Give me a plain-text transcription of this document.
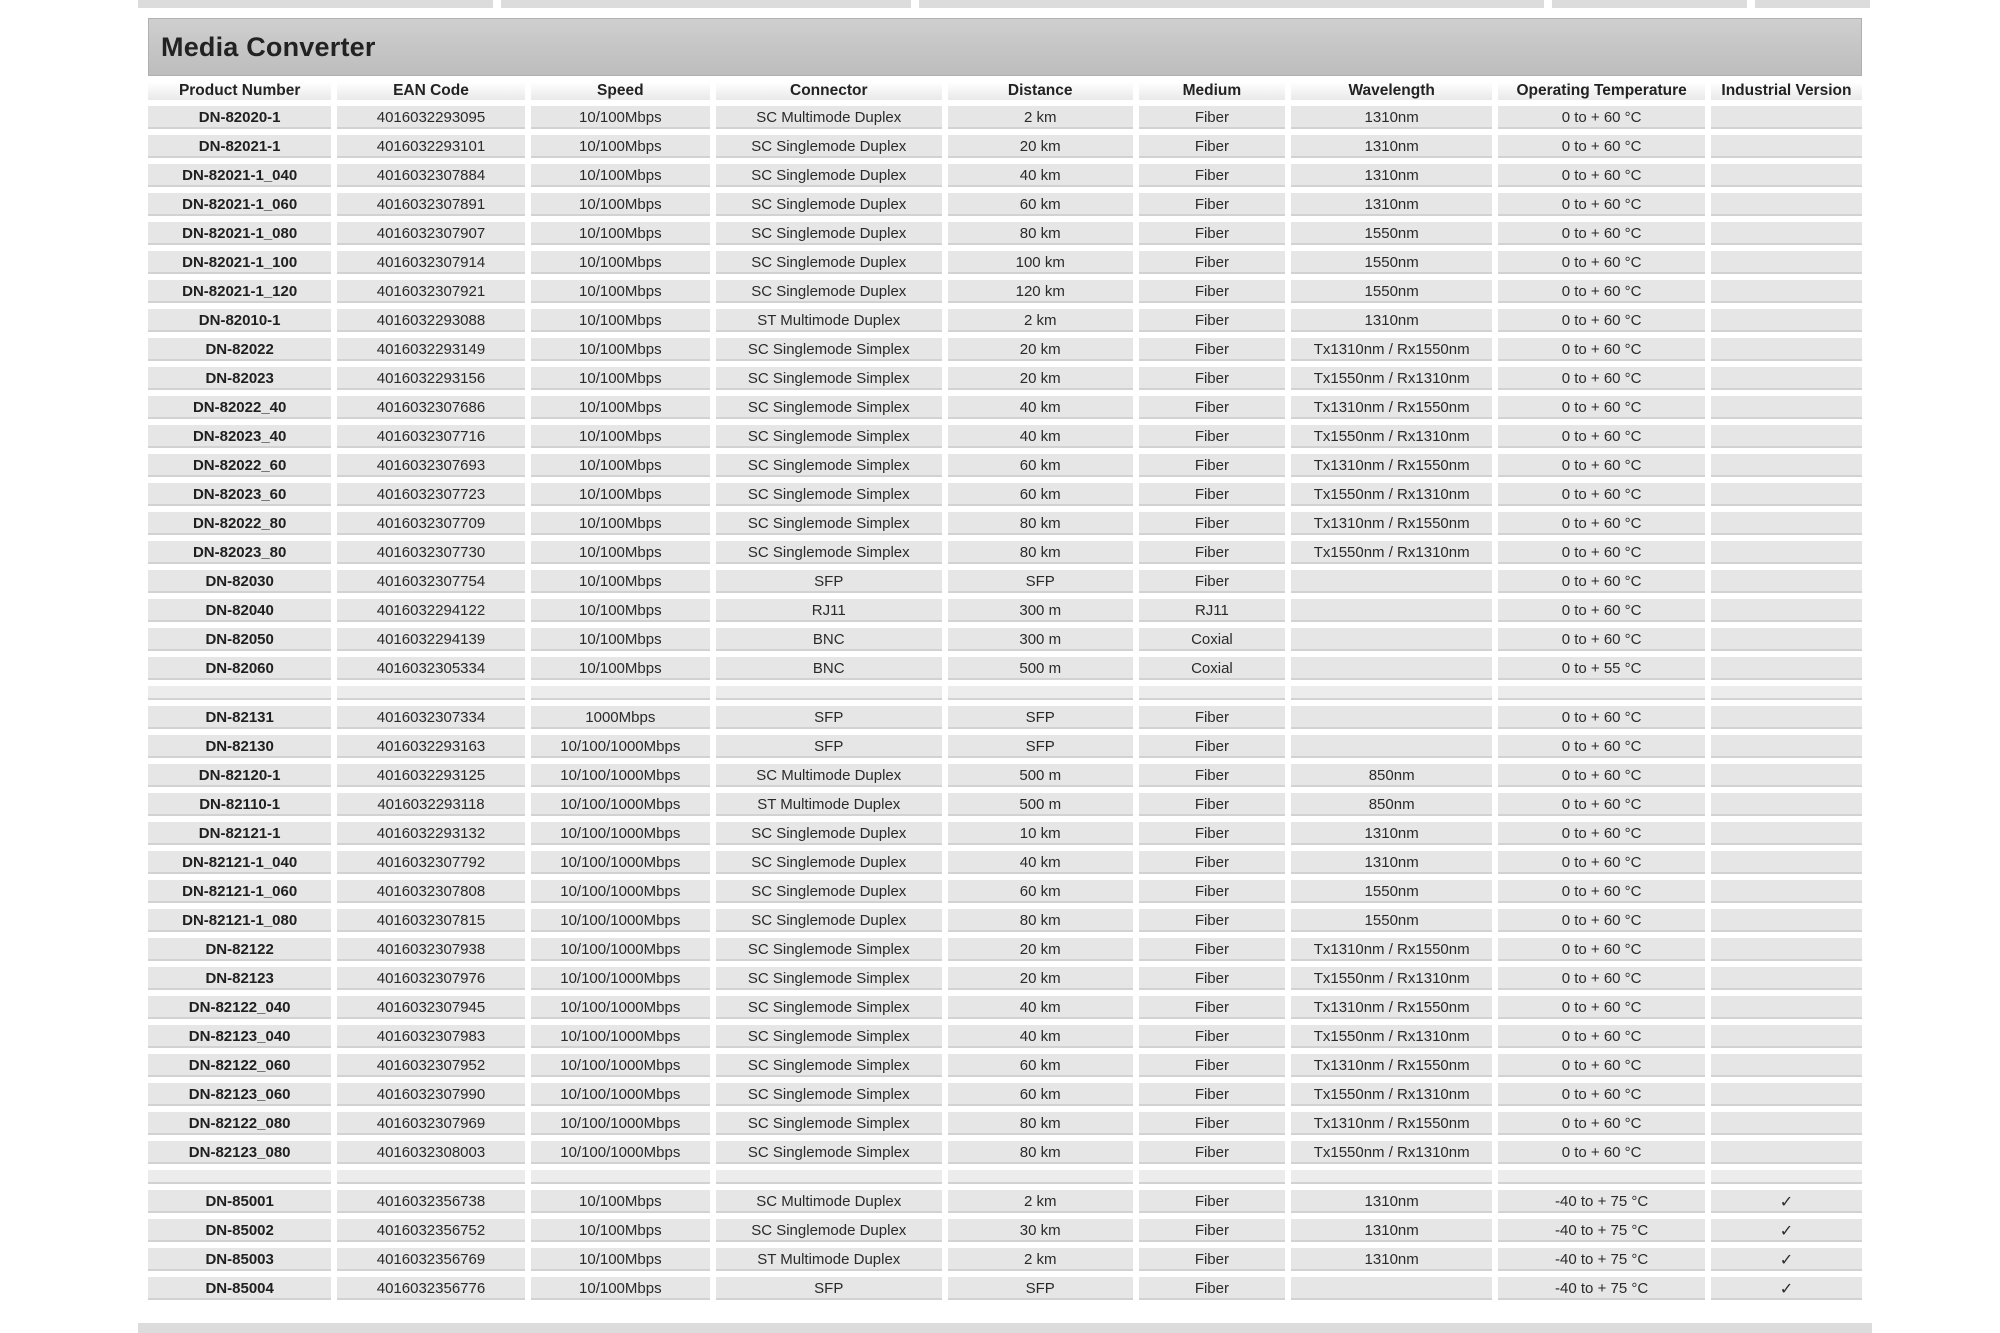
Media Converter
Product Number	EAN Code	Speed	Connector	Distance	Medium	Wavelength	Operating Temperature	Industrial Version
DN-82020-1	4016032293095	10/100Mbps	SC Multimode Duplex	2 km	Fiber	1310nm	0 to + 60 °C	
DN-82021-1	4016032293101	10/100Mbps	SC Singlemode Duplex	20 km	Fiber	1310nm	0 to + 60 °C	
DN-82021-1_040	4016032307884	10/100Mbps	SC Singlemode Duplex	40 km	Fiber	1310nm	0 to + 60 °C	
DN-82021-1_060	4016032307891	10/100Mbps	SC Singlemode Duplex	60 km	Fiber	1310nm	0 to + 60 °C	
DN-82021-1_080	4016032307907	10/100Mbps	SC Singlemode Duplex	80 km	Fiber	1550nm	0 to + 60 °C	
DN-82021-1_100	4016032307914	10/100Mbps	SC Singlemode Duplex	100 km	Fiber	1550nm	0 to + 60 °C	
DN-82021-1_120	4016032307921	10/100Mbps	SC Singlemode Duplex	120 km	Fiber	1550nm	0 to + 60 °C	
DN-82010-1	4016032293088	10/100Mbps	ST Multimode Duplex	2 km	Fiber	1310nm	0 to + 60 °C	
DN-82022	4016032293149	10/100Mbps	SC Singlemode Simplex	20 km	Fiber	Tx1310nm / Rx1550nm	0 to + 60 °C	
DN-82023	4016032293156	10/100Mbps	SC Singlemode Simplex	20 km	Fiber	Tx1550nm / Rx1310nm	0 to + 60 °C	
DN-82022_40	4016032307686	10/100Mbps	SC Singlemode Simplex	40 km	Fiber	Tx1310nm / Rx1550nm	0 to + 60 °C	
DN-82023_40	4016032307716	10/100Mbps	SC Singlemode Simplex	40 km	Fiber	Tx1550nm / Rx1310nm	0 to + 60 °C	
DN-82022_60	4016032307693	10/100Mbps	SC Singlemode Simplex	60 km	Fiber	Tx1310nm / Rx1550nm	0 to + 60 °C	
DN-82023_60	4016032307723	10/100Mbps	SC Singlemode Simplex	60 km	Fiber	Tx1550nm / Rx1310nm	0 to + 60 °C	
DN-82022_80	4016032307709	10/100Mbps	SC Singlemode Simplex	80 km	Fiber	Tx1310nm / Rx1550nm	0 to + 60 °C	
DN-82023_80	4016032307730	10/100Mbps	SC Singlemode Simplex	80 km	Fiber	Tx1550nm / Rx1310nm	0 to + 60 °C	
DN-82030	4016032307754	10/100Mbps	SFP	SFP	Fiber		0 to + 60 °C	
DN-82040	4016032294122	10/100Mbps	RJ11	300 m	RJ11		0 to + 60 °C	
DN-82050	4016032294139	10/100Mbps	BNC	300 m	Coxial		0 to + 60 °C	
DN-82060	4016032305334	10/100Mbps	BNC	500 m	Coxial		0 to + 55 °C	

DN-82131	4016032307334	1000Mbps	SFP	SFP	Fiber		0 to + 60 °C	
DN-82130	4016032293163	10/100/1000Mbps	SFP	SFP	Fiber		0 to + 60 °C	
DN-82120-1	4016032293125	10/100/1000Mbps	SC Multimode Duplex	500 m	Fiber	850nm	0 to + 60 °C	
DN-82110-1	4016032293118	10/100/1000Mbps	ST Multimode Duplex	500 m	Fiber	850nm	0 to + 60 °C	
DN-82121-1	4016032293132	10/100/1000Mbps	SC Singlemode Duplex	10 km	Fiber	1310nm	0 to + 60 °C	
DN-82121-1_040	4016032307792	10/100/1000Mbps	SC Singlemode Duplex	40 km	Fiber	1310nm	0 to + 60 °C	
DN-82121-1_060	4016032307808	10/100/1000Mbps	SC Singlemode Duplex	60 km	Fiber	1550nm	0 to + 60 °C	
DN-82121-1_080	4016032307815	10/100/1000Mbps	SC Singlemode Duplex	80 km	Fiber	1550nm	0 to + 60 °C	
DN-82122	4016032307938	10/100/1000Mbps	SC Singlemode Simplex	20 km	Fiber	Tx1310nm / Rx1550nm	0 to + 60 °C	
DN-82123	4016032307976	10/100/1000Mbps	SC Singlemode Simplex	20 km	Fiber	Tx1550nm / Rx1310nm	0 to + 60 °C	
DN-82122_040	4016032307945	10/100/1000Mbps	SC Singlemode Simplex	40 km	Fiber	Tx1310nm / Rx1550nm	0 to + 60 °C	
DN-82123_040	4016032307983	10/100/1000Mbps	SC Singlemode Simplex	40 km	Fiber	Tx1550nm / Rx1310nm	0 to + 60 °C	
DN-82122_060	4016032307952	10/100/1000Mbps	SC Singlemode Simplex	60 km	Fiber	Tx1310nm / Rx1550nm	0 to + 60 °C	
DN-82123_060	4016032307990	10/100/1000Mbps	SC Singlemode Simplex	60 km	Fiber	Tx1550nm / Rx1310nm	0 to + 60 °C	
DN-82122_080	4016032307969	10/100/1000Mbps	SC Singlemode Simplex	80 km	Fiber	Tx1310nm / Rx1550nm	0 to + 60 °C	
DN-82123_080	4016032308003	10/100/1000Mbps	SC Singlemode Simplex	80 km	Fiber	Tx1550nm / Rx1310nm	0 to + 60 °C	

DN-85001	4016032356738	10/100Mbps	SC Multimode Duplex	2 km	Fiber	1310nm	-40 to + 75 °C	✓
DN-85002	4016032356752	10/100Mbps	SC Singlemode Duplex	30 km	Fiber	1310nm	-40 to + 75 °C	✓
DN-85003	4016032356769	10/100Mbps	ST Multimode Duplex	2 km	Fiber	1310nm	-40 to + 75 °C	✓
DN-85004	4016032356776	10/100Mbps	SFP	SFP	Fiber		-40 to + 75 °C	✓
